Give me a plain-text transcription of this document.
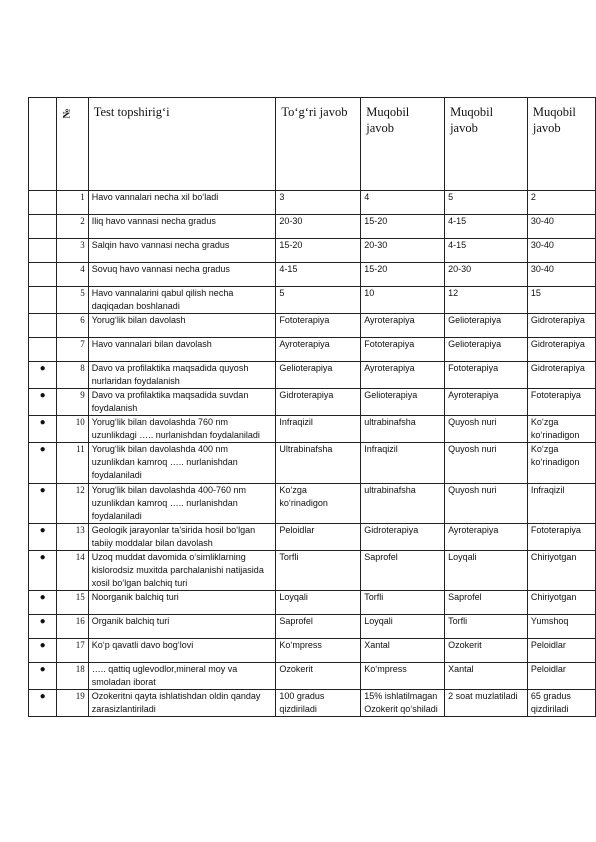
	№	Test topshirig‘i	To‘g‘ri javob	Muqobil javob	Muqobil javob	Muqobil javob
	1	Havo vannalari necha xil bo‘ladi	3	4	5	2
	2	Iliq havo vannasi necha gradus	20-30	15-20	4-15	30-40
	3	Salqin havo vannasi necha gradus	15-20	20-30	4-15	30-40
	4	Sovuq havo vannasi necha gradus	4-15	15-20	20-30	30-40
	5	Havo vannalarini qabul qilish necha daqiqadan boshlanadi	5	10	12	15
	6	Yorug‘lik bilan davolash	Fototerapiya	Ayroterapiya	Gelioterapiya	Gidroterapiya
	7	Havo vannalari bilan davolash	Ayroterapiya	Fototerapiya	Gelioterapiya	Gidroterapiya
●	8	Davo va profilaktika maqsadida quyosh nurlaridan foydalanish	Gelioterapiya	Ayroterapiya	Fototerapiya	Gidroterapiya
●	9	Davo va profilaktika maqsadida suvdan foydalanish	Gidroterapiya	Gelioterapiya	Ayroterapiya	Fototerapiya
●	10	Yorug‘lik bilan davolashda 760 nm uzunlikdagi ….. nurlanishdan foydalaniladi	Infraqizil	ultrabinafsha	Quyosh nuri	Ko‘zga ko‘rinadigon
●	11	Yorug‘lik bilan davolashda 400 nm uzunlikdan kamroq ….. nurlanishdan foydalaniladi	Ultrabinafsha	Infraqizil	Quyosh nuri	Ko‘zga ko‘rinadigon
●	12	Yorug‘lik bilan davolashda 400-760 nm uzunlikdan kamroq ….. nurlanishdan foydalaniladi	Ko‘zga ko‘rinadigon	ultrabinafsha	Quyosh nuri	Infraqizil
●	13	Geologik jarayonlar ta’sirida hosil bo‘lgan tabiiy moddalar bilan davolash	Peloidlar	Gidroterapiya	Ayroterapiya	Fototerapiya
●	14	Uzoq muddat davomida o‘simliklarning kislorodsiz muxitda parchalanishi natijasida xosil bo‘lgan balchiq turi	Torfli	Saprofel	Loyqali	Chiriyotgan
●	15	Noorganik balchiq turi	Loyqali	Torfli	Saprofel	Chiriyotgan
●	16	Organik balchiq turi	Saprofel	Loyqali	Torfli	Yumshoq
●	17	Ko‘p qavatli davo bog‘lovi	Ko‘mpress	Xantal	Ozokerit	Peloidlar
●	18	….. qattiq uglevodlor,mineral moy va smoladan iborat	Ozokerit	Ko‘mpress	Xantal	Peloidlar
●	19	Ozokeritni qayta ishlatishdan oldin qanday zarasizlantiriladi	100 gradus qizdiriladi	15% ishlatilmagan Ozokerit qo‘shiladi	2 soat muzlatiladi	65 gradus qizdiriladi
